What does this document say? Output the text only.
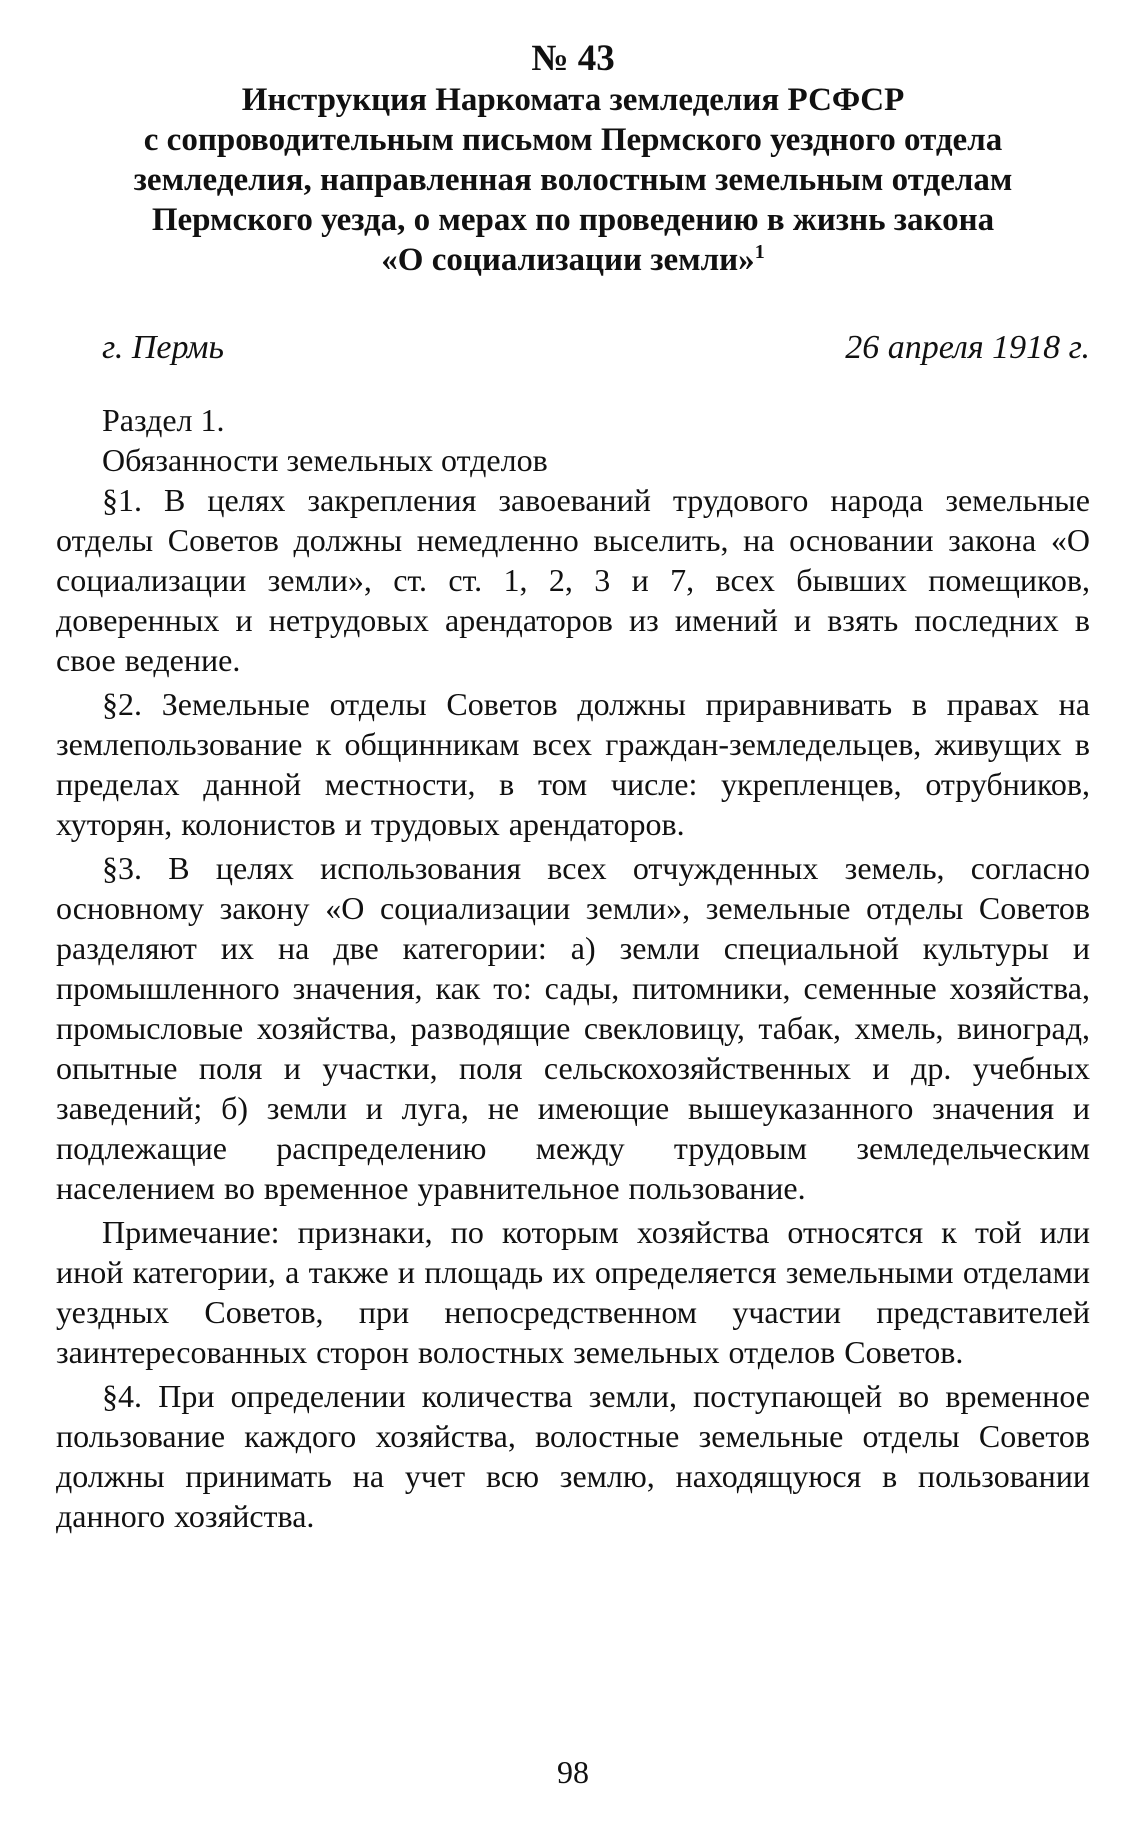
№ 43

Инструкция Наркомата земледелия РСФСР
с сопроводительным письмом Пермского уездного отдела
земледелия, направленная волостным земельным отделам
Пермского уезда, о мерах по проведению в жизнь закона
«О социализации земли»$^1$
г. Пермь	26 апреля 1918 г.

Раздел 1.

Обязанности земельных отделов

§1. В целях закрепления завоеваний трудового народа земельные отделы Советов должны немедленно выселить, на основании закона «О социализации земли», ст. ст. 1, 2, 3 и 7, всех бывших помещиков, доверенных и нетрудовых арендаторов из имений и взять последних в свое ведение.

§2. Земельные отделы Советов должны приравнивать в правах на землепользование к общинникам всех граждан-земледельцев, живущих в пределах данной местности, в том числе: укрепленцев, отрубников, хуторян, колонистов и трудовых арендаторов.

§3. В целях использования всех отчужденных земель, согласно основному закону «О социализации земли», земельные отделы Советов разделяют их на две категории: а) земли специальной культуры и промышленного значения, как то: сады, питомники, семенные хозяйства, промысловые хозяйства, разводящие свекловицу, табак, хмель, виноград, опытные поля и участки, поля сельскохозяйственных и др. учебных заведений; б) земли и луга, не имеющие вышеуказанного значения и подлежащие распределению между трудовым земледельческим населением во временное уравнительное пользование.

Примечание: признаки, по которым хозяйства относятся к той или иной категории, а также и площадь их определяется земельными отделами уездных Советов, при непосредственном участии представителей заинтересованных сторон волостных земельных отделов Советов.

§4. При определении количества земли, поступающей во временное пользование каждого хозяйства, волостные земельные отделы Советов должны принимать на учет всю землю, находящуюся в пользовании данного хозяйства.

98
